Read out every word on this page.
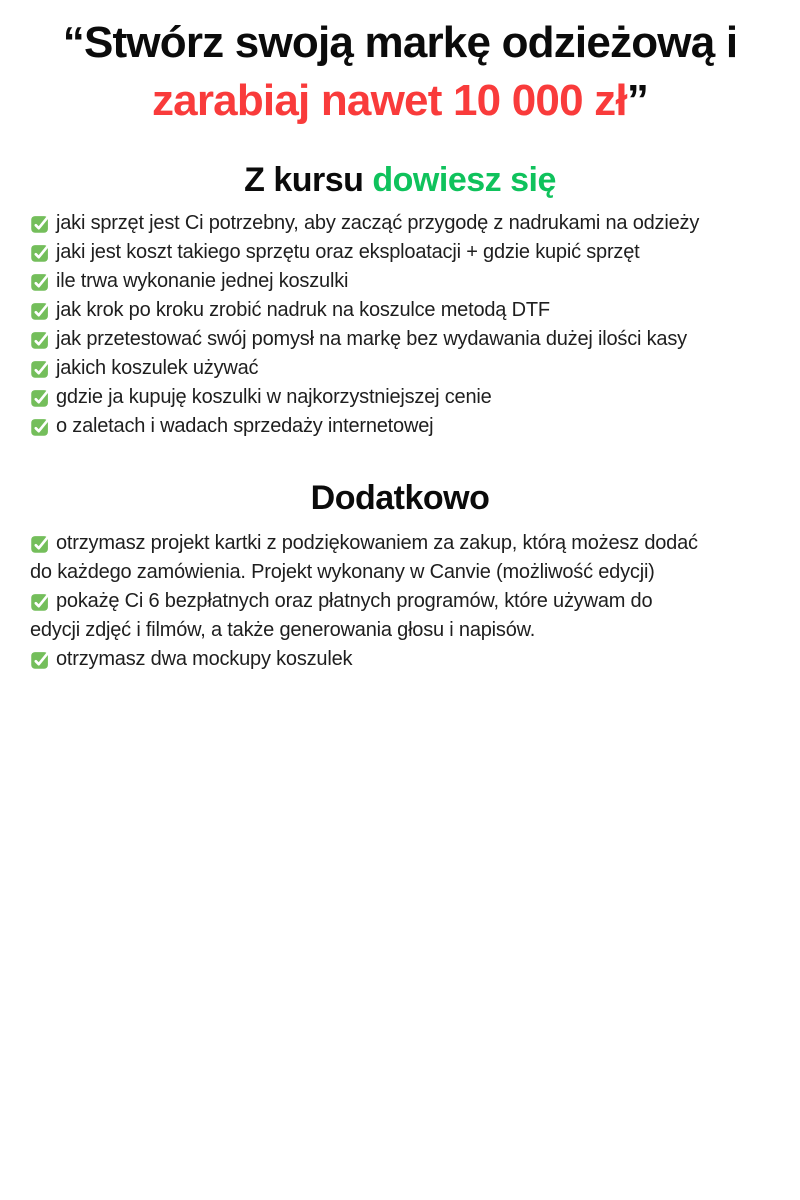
“Stwórz swoją markę odzieżową i
zarabiaj nawet 10 000 zł”
Z kursu dowiesz się
jaki sprzęt jest Ci potrzebny, aby zacząć przygodę z nadrukami na odzieży
jaki jest koszt takiego sprzętu oraz eksploatacji + gdzie kupić sprzęt
ile trwa wykonanie jednej koszulki
jak krok po kroku zrobić nadruk na koszulce metodą DTF
jak przetestować swój pomysł na markę bez wydawania dużej ilości kasy
jakich koszulek używać
gdzie ja kupuję koszulki w najkorzystniejszej cenie
o zaletach i wadach sprzedaży internetowej
Dodatkowo
otrzymasz projekt kartki z podziękowaniem za zakup, którą możesz dodać
do każdego zamówienia. Projekt wykonany w Canvie (możliwość edycji)
pokażę Ci 6 bezpłatnych oraz płatnych programów, które używam do
edycji zdjęć i filmów, a także generowania głosu i napisów.
otrzymasz dwa mockupy koszulek
